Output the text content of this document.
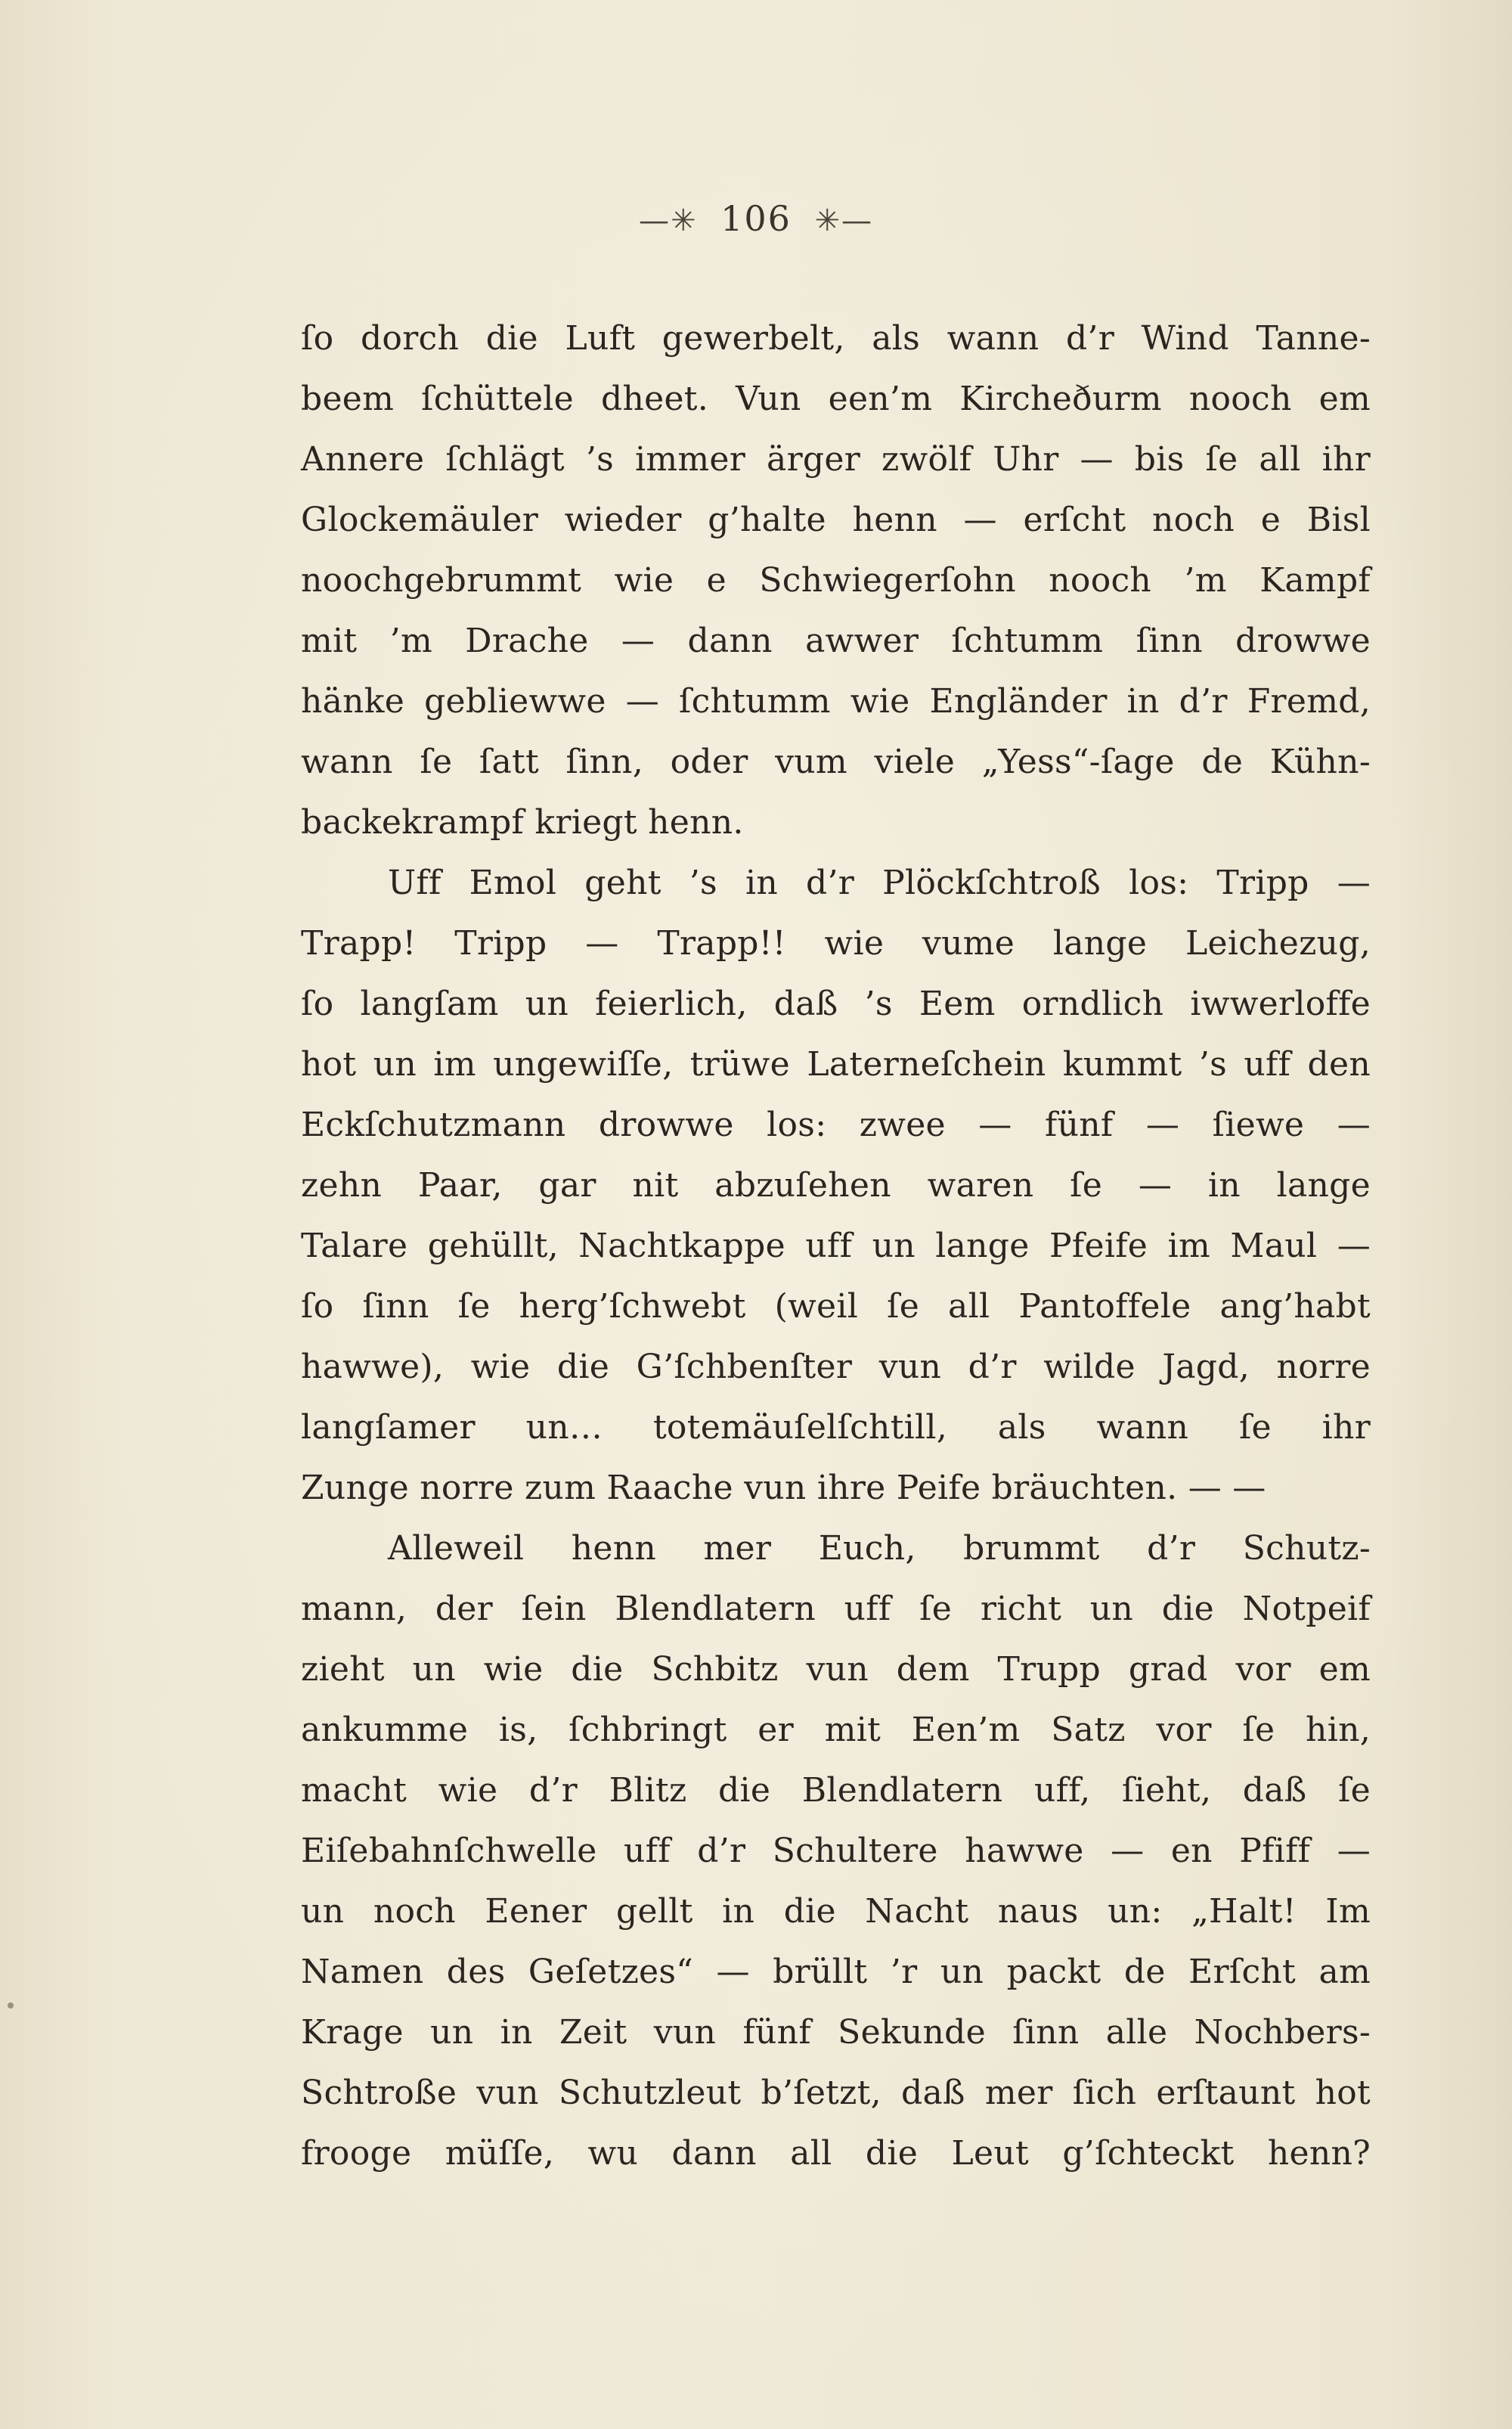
—✳ 106 ✳—
ſo dorch die Luft gewerbelt, als wann d’r Wind Tanne-
beem ſchüttele dheet. Vun een’m Kircheðurm nooch em
Annere ſchlägt ’s immer ärger zwölf Uhr — bis ſe all ihr
Glockemäuler wieder g’halte henn — erſcht noch e Bisl
noochgebrummt wie e Schwiegerſohn nooch ’m Kampf
mit ’m Drache — dann awwer ſchtumm ſinn drowwe
hänke gebliewwe — ſchtumm wie Engländer in d’r Fremd,
wann ſe ſatt ſinn, oder vum viele „Yess“-ſage de Kühn-
backekrampf kriegt henn.
Uff Emol geht ’s in d’r Plöckſchtroß los: Tripp —
Trapp! Tripp — Trapp!! wie vume lange Leichezug,
ſo langſam un feierlich, daß ’s Eem orndlich iwwerloffe
hot un im ungewiſſe, trüwe Laterneſchein kummt ’s uff den
Eckſchutzmann drowwe los: zwee — fünf — ſiewe —
zehn Paar, gar nit abzuſehen waren ſe — in lange
Talare gehüllt, Nachtkappe uff un lange Pfeife im Maul —
ſo ſinn ſe herg’ſchwebt (weil ſe all Pantoffele ang’habt
hawwe), wie die G’ſchbenſter vun d’r wilde Jagd, norre
langſamer un… totemäuſelſchtill, als wann ſe ihr
Zunge norre zum Raache vun ihre Peife bräuchten. — —
Alleweil henn mer Euch, brummt d’r Schutz-
mann, der ſein Blendlatern uff ſe richt un die Notpeif
zieht un wie die Schbitz vun dem Trupp grad vor em
ankumme is, ſchbringt er mit Een’m Satz vor ſe hin,
macht wie d’r Blitz die Blendlatern uff, ſieht, daß ſe
Eiſebahnſchwelle uff d’r Schultere hawwe — en Pfiff —
un noch Eener gellt in die Nacht naus un: „Halt! Im
Namen des Geſetzes“ — brüllt ’r un packt de Erſcht am
Krage un in Zeit vun fünf Sekunde ſinn alle Nochbers-
Schtroße vun Schutzleut b’ſetzt, daß mer ſich erſtaunt hot
frooge müſſe, wu dann all die Leut g’ſchteckt henn?
